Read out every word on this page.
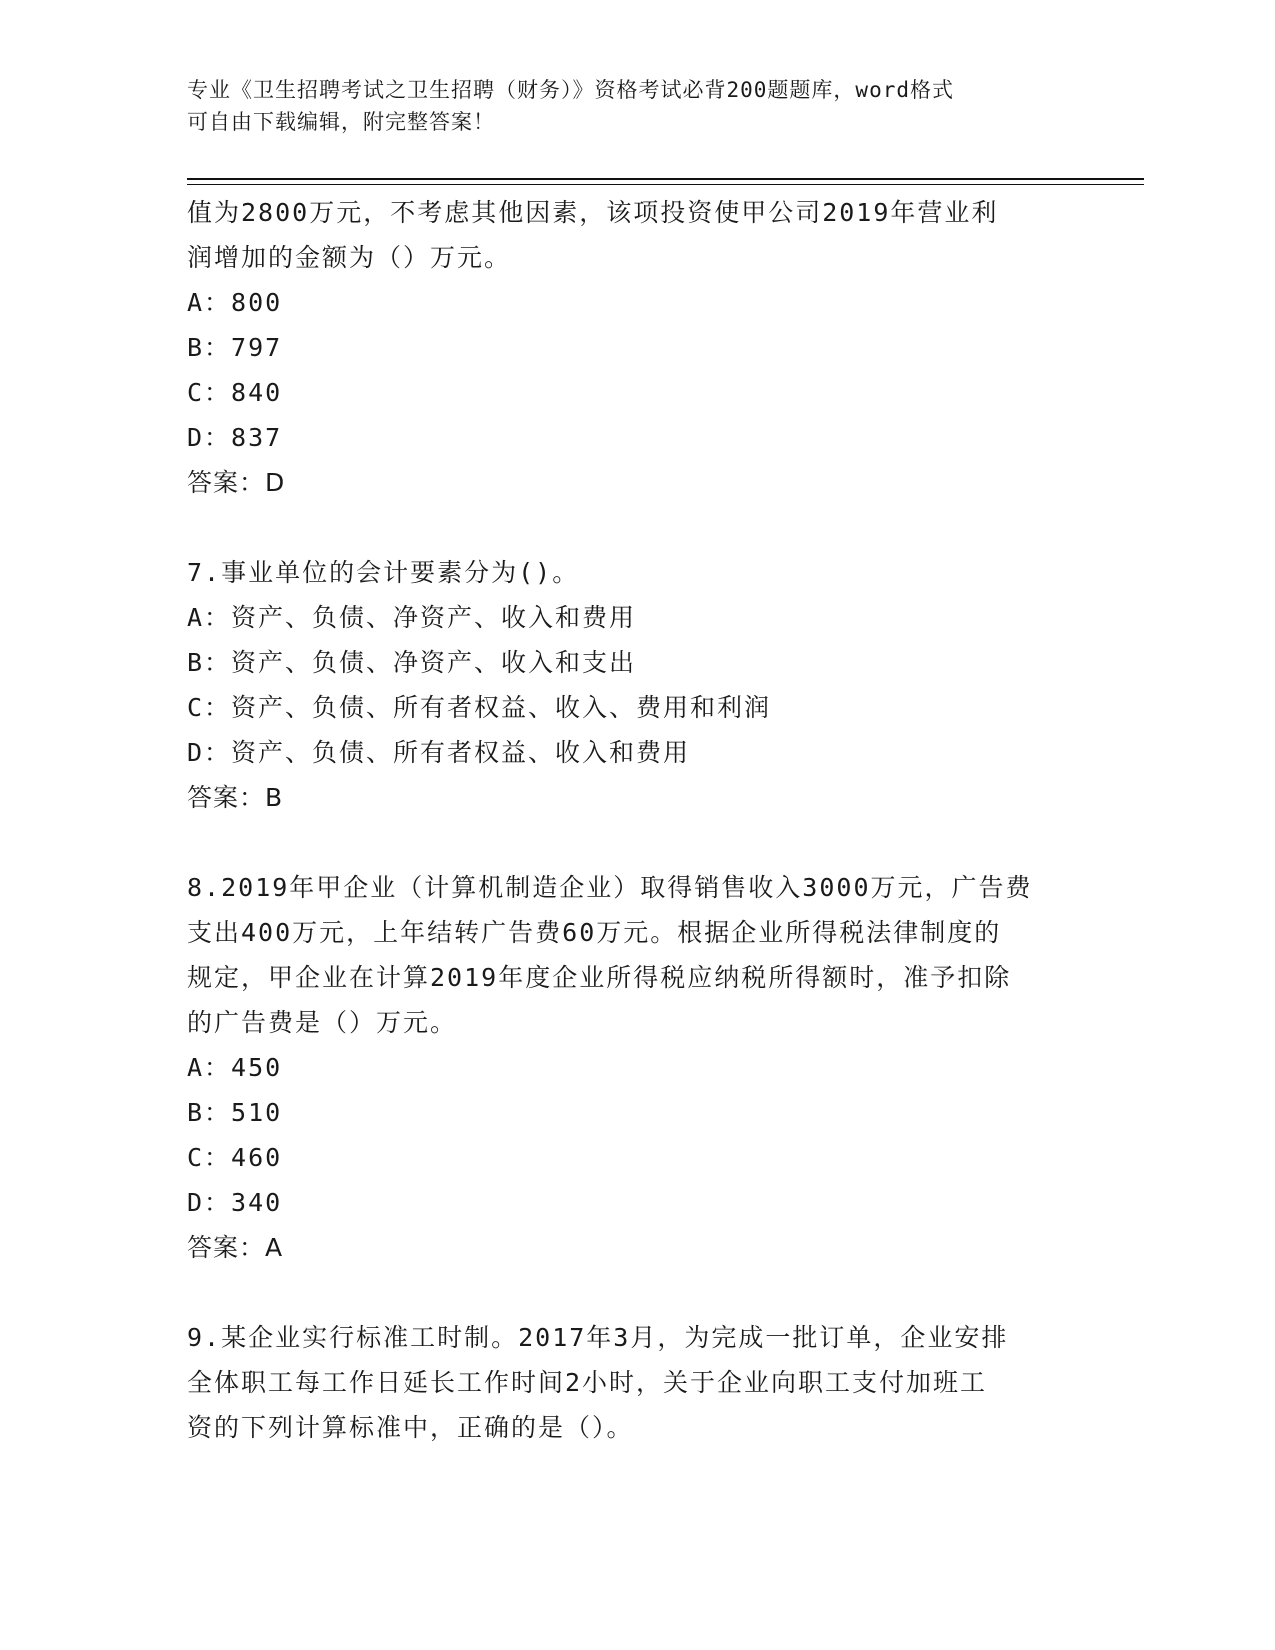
专业《卫生招聘考试之卫生招聘（财务）》资格考试必背200题题库，word格式
可自由下载编辑，附完整答案！
值为2800万元，不考虑其他因素，该项投资使甲公司2019年营业利
润增加的金额为（）万元。
A：800
B：797
C：840
D：837
答案：D
7.事业单位的会计要素分为()。
A：资产、负债、净资产、收入和费用
B：资产、负债、净资产、收入和支出
C：资产、负债、所有者权益、收入、费用和利润
D：资产、负债、所有者权益、收入和费用
答案：B
8.2019年甲企业（计算机制造企业）取得销售收入3000万元，广告费
支出400万元，上年结转广告费60万元。根据企业所得税法律制度的
规定，甲企业在计算2019年度企业所得税应纳税所得额时，准予扣除
的广告费是（）万元。
A：450
B：510
C：460
D：340
答案：A
9.某企业实行标准工时制。2017年3月，为完成一批订单，企业安排
全体职工每工作日延长工作时间2小时，关于企业向职工支付加班工
资的下列计算标准中，正确的是（）。
